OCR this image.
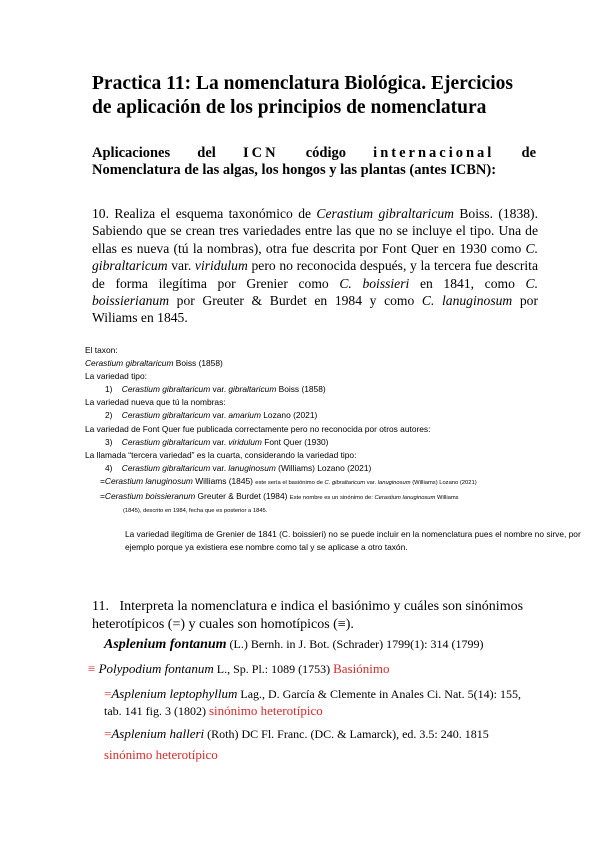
Practica 11: La nomenclatura Biológica. Ejercicios
de aplicación de los principios de nomenclatura
Aplicaciones del ICN código internacional de
Nomenclatura de las algas, los hongos y las plantas (antes ICBN):
10. Realiza el esquema taxonómico de Cerastium gibraltaricum Boiss. (1838). Sabiendo que se crean tres variedades entre las que no se incluye el tipo. Una de ellas es nueva (tú la nombras), otra fue descrita por Font Quer en 1930 como C. gibraltaricum var. viridulum pero no reconocida después, y la tercera fue descrita de forma ilegítima por Grenier como C. boissieri en 1841, como C. boissierianum por Greuter & Burdet en 1984 y como C. lanuginosum por Wiliams en 1845.
El taxon:
Cerastium gibraltaricum Boiss (1858)
La variedad tipo:
1) Cerastium gibraltaricum var. gibraltaricum Boiss (1858)
La variedad nueva que tú la nombras:
2) Cerastium gibraltaricum var. amarium Lozano (2021)
La variedad de Font Quer fue publicada correctamente pero no reconocida por otros autores:
3) Cerastium gibraltaricum var. viridulum Font Quer (1930)
La llamada “tercera variedad” es la cuarta, considerando la variedad tipo:
4) Cerastium gibraltaricum var. lanuginosum (Williams) Lozano (2021)
=Cerastium lanuginosum Williams (1845) este sería el basiónimo de C. gibraltaricum var. lanuginosum (Williams) Lozano (2021)
=Cerastium boissieranum Greuter & Burdet (1984) Este nombre es un sinónimo de: Cerastium lanuginosum Williams
(1845), descrito en 1984, fecha que es posterior a 1845.
La variedad ilegítima de Grenier de 1841 (C. boissieri) no se puede incluir en la nomenclatura pues el nombre no sirve, por ejemplo porque ya existiera ese nombre como tal y se aplicase a otro taxón.
11. Interpreta la nomenclatura e indica el basiónimo y cuáles son sinónimos heterotípicos (=) y cuales son homotípicos (≡).
Asplenium fontanum (L.) Bernh. in J. Bot. (Schrader) 1799(1): 314 (1799)
≡ Polypodium fontanum L., Sp. Pl.: 1089 (1753) Basiónimo
=Asplenium leptophyllum Lag., D. García & Clemente in Anales Ci. Nat. 5(14): 155,
tab. 141 fig. 3 (1802) sinónimo heterotípico
=Asplenium halleri (Roth) DC Fl. Franc. (DC. & Lamarck), ed. 3.5: 240. 1815
sinónimo heterotípico
